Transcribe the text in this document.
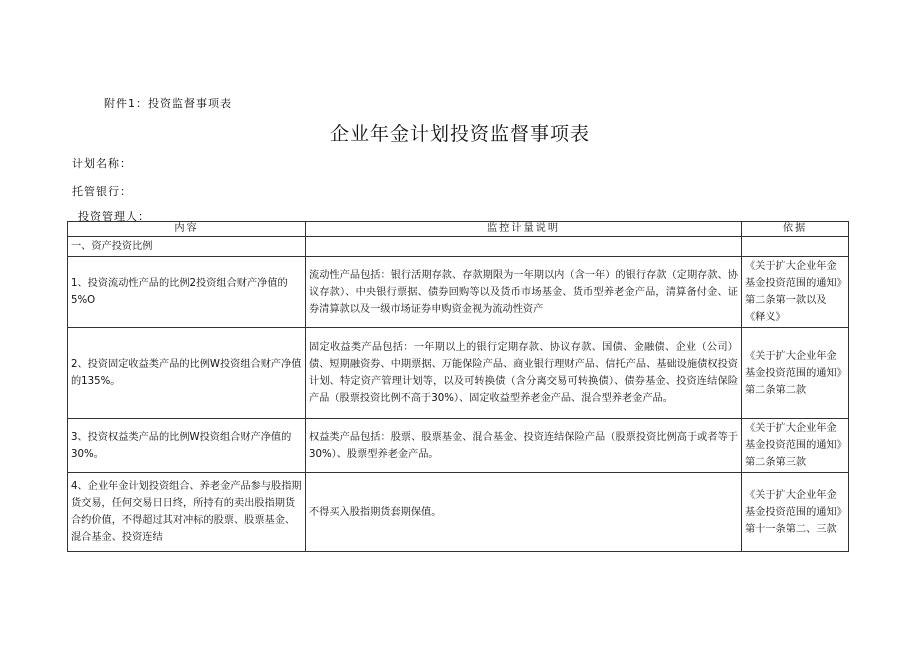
附件1：投资监督事项表
企业年金计划投资监督事项表
计划名称：
托管银行：
投资管理人：
内容	监控计量说明	依据
一、资产投资比例		
1、投资流动性产品的比例2投资组合财产净值的5%O	流动性产品包括：银行活期存款、存款期限为一年期以内（含一年）的银行存款（定期存款、协议存款）、中央银行票据、债券回购等以及货币市场基金、货币型养老金产品，清算备付金、证券清算款以及一级市场证券申购资金视为流动性资产	《关于扩大企业年金基金投资范围的通知》第二条第一款以及《释义》
2、投资固定收益类产品的比例W投资组合财产净值的135%。	固定收益类产品包括：一年期以上的银行定期存款、协议存款、国债、金融债、企业（公司）债、短期融资券、中期票据、万能保险产品、商业银行理财产品、信托产品、基础设施债权投资计划、特定资产管理计划等，以及可转换债（含分离交易可转换债）、债券基金、投资连结保险产品（股票投资比例不高于30%）、固定收益型养老金产品、混合型养老金产品。	《关于扩大企业年金基金投资范围的通知》第二条第二款
3、投资权益类产品的比例W投资组合财产净值的30%。	权益类产品包括：股票、股票基金、混合基金、投资连结保险产品（股票投资比例高于或者等于30%）、股票型养老金产品。	《关于扩大企业年金基金投资范围的通知》第二条第三款
4、企业年金计划投资组合、养老金产品参与股指期货交易，任何交易日日终，所持有的卖出股指期货合约价值，不得超过其对冲标的股票、股票基金、混合基金、投资连结	不得买入股指期货套期保值。	《关于扩大企业年金基金投资范围的通知》第十一条第二、三款
